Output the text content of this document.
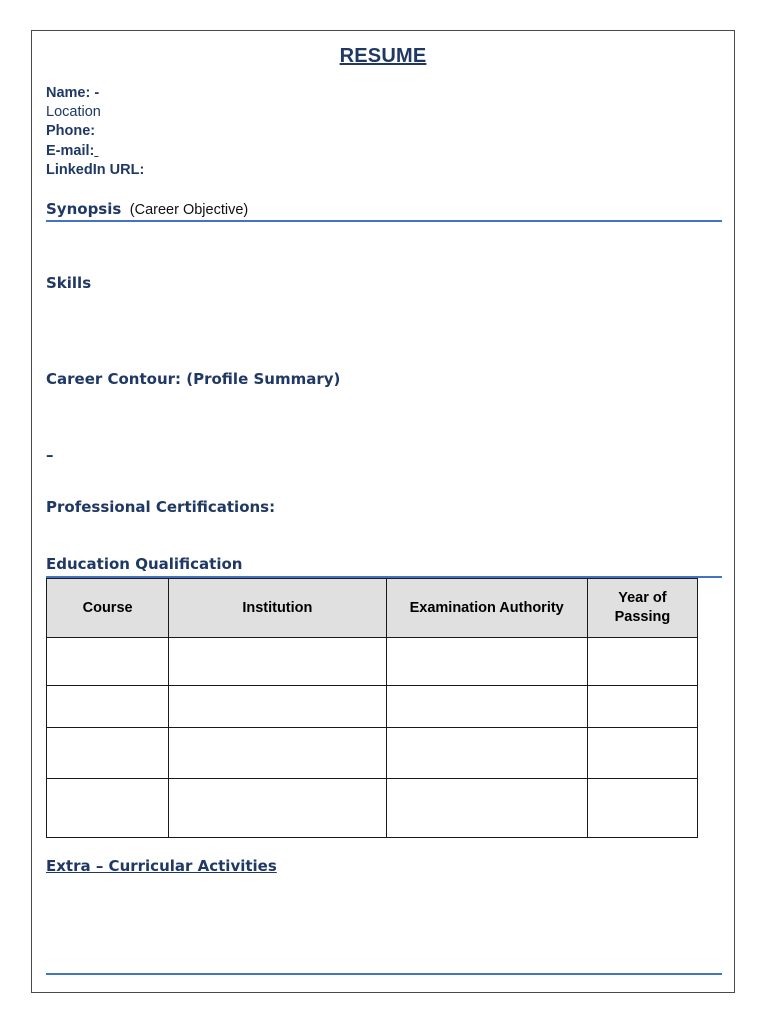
RESUME
Name: -
Location
Phone:
E-mail:
LinkedIn URL:
Synopsis (Career Objective)
Skills
Career Contour: (Profile Summary)
–
Professional Certifications:
Education Qualification
Course	Institution	Examination Authority	Year of Passing

Extra – Curricular Activities
